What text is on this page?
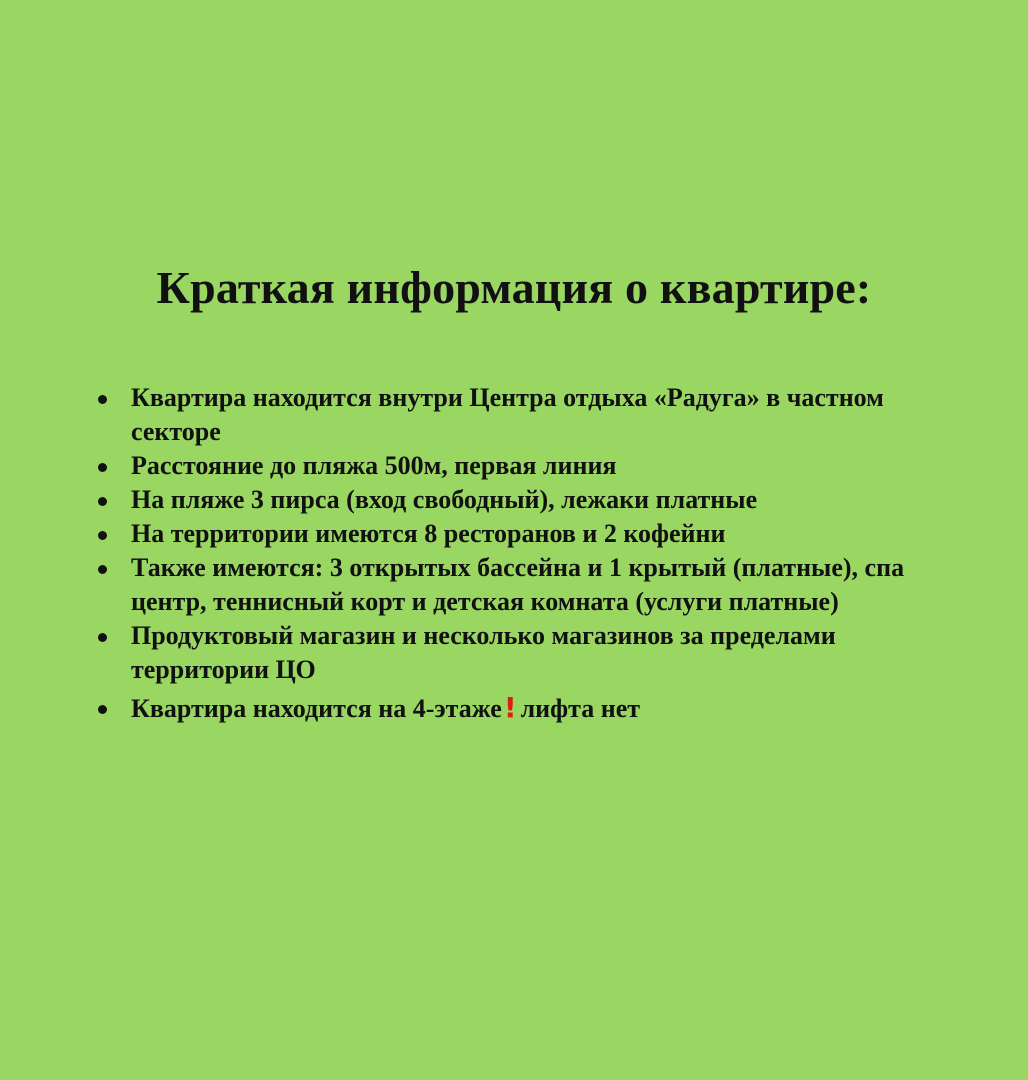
Краткая информация о квартире:
Квартира находится внутри Центра отдыха «Радуга» в частном секторе
Расстояние до пляжа 500м, первая линия
На пляже 3 пирса (вход свободный), лежаки платные
На территории имеются 8 ресторанов и 2 кофейни
Также имеются: 3 открытых бассейна и 1 крытый (платные), спа центр, теннисный корт и детская комната (услуги платные)
Продуктовый магазин и несколько магазинов за пределами территории ЦО
Квартира находится на 4-этаже! лифта нет
